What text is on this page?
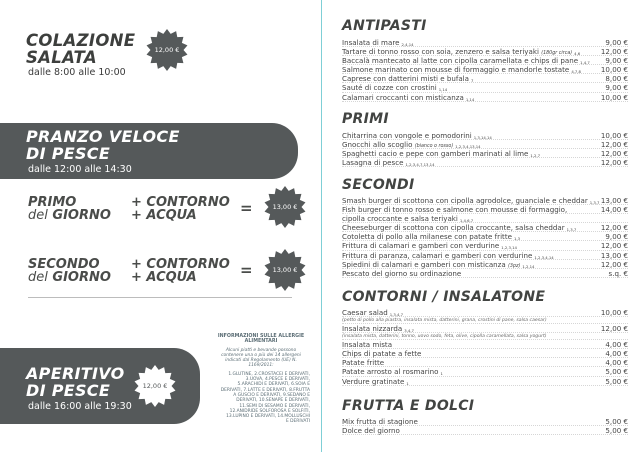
COLAZIONE
SALATA
dalle 8:00 alle 10:00
12,00 €
PRANZO VELOCE
DI PESCE
dalle 12:00 alle 14:30
PRIMO
del GIORNO
+ CONTORNO
+ ACQUA	=	13,00 €
SECONDO
del GIORNO
+ CONTORNO
+ ACQUA	=	13,00 €
APERITIVO
DI PESCE
dalle 16:00 alle 19:30
12,00 €
INFORMAZIONI SULLE ALLERGIE
ALIMENTARI
Alcuni piatti e bevande possono
contenere una o più dei 14 allergeni
indicati dal Regolamento (UE) N.
1169/2011:
1.GLUTINE, 2.CROSTACEI E DERIVATI,
3.UOVA, 4.PESCE E DERIVATI,
5.ARACHIDI E DERIVATI, 6.SOIA E
DERIVATI, 7.LATTE E DERIVATI, 8.FRUTTA
A GUSCIO E DERIVATI, 9.SEDANO E
DERIVATI, 10.SENAPE E DERIVATI,
11.SEMI DI SESAMO E DERIVATI,
12.ANIDRIDE SOLFOROSA E SOLFITI,
13.LUPINO E DERIVATI, 14.MOLLUSCHI
E DERIVATI
ANTIPASTI
Insalata di mare 2,4,14	9,00 €
Tartare di tonno rosso con soia, zenzero e salsa teriyaki (180gr circa) 4,6	12,00 €
Baccalà mantecato al latte con cipolla caramellata e chips di pane 1,4,7 9,00 €
Salmone marinato con mousse di formaggio e mandorle tostate 4,7,8	10,00 €
Caprese con datterini misti e bufala 7	8,00 €
Sauté di cozze con crostini 1,14	9,00 €
Calamari croccanti con misticanza 1,14	10,00 €
PRIMI
Chitarrina con vongole e pomodorini 1,3,14,14	10,00 €
Gnocchi allo scoglio (bianco o rosso) 1,2,3,4,13,14	12,00 €
Spaghetti cacio e pepe con gamberi marinati al lime 1,2,7	12,00 €
Lasagna di pesce 1,2,3,4,7,13,14	12,00 €
SECONDI
Smash burger di scottona con cipolla agrodolce, guanciale e cheddar 1,3,7 13,00 €
Fish burger di tonno rosso e salmone con mousse di formaggio,	14,00 €
cipolla croccante e salsa teriyaki 1,4,6,7
Cheeseburger di scottona con cipolla croccante, salsa cheddar 1,3,7	12,00 €
Cotoletta di pollo alla milanese con patate fritte 1,3	9,00 €
Frittura di calamari e gamberi con verdurine 1,2,3,14	12,00 €
Frittura di paranza, calamari e gamberi con verdurine 1,2,3,4,14	13,00 €
Spiedini di calamari e gamberi con misticanza (3pz) 1,2,14	12,00 €
Pescato del giorno su ordinazione	s.q. €
CONTORNI / INSALATONE
Caesar salad 1,3,4,7	10,00 €
(petto di pollo alla piastra, insalata mista, datterini, grana, crostini di pane, salsa caesar)
Insalata nizzarda 3,4,7	12,00 €
(insalata mista, datterini, tonno, uovo sodo, feta, olive, cipolla caramellata, salsa yogurt)
Insalata mista	4,00 €
Chips di patate a fette	4,00 €
Patate fritte	4,00 €
Patate arrosto al rosmarino 1	5,00 €
Verdure gratinate 1	5,00 €
FRUTTA E DOLCI
Mix frutta di stagione	5,00 €
Dolce del giorno	5,00 €
